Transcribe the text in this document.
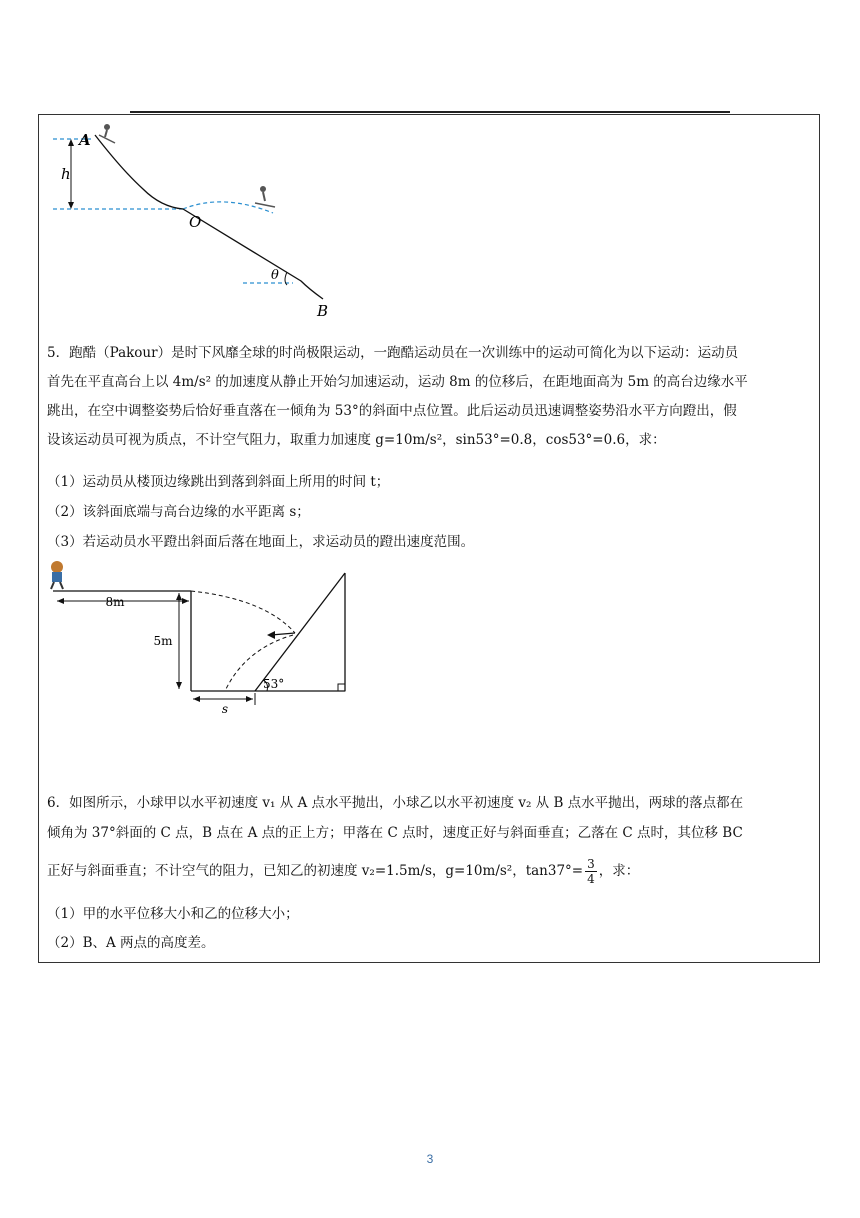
A
h
O
θ
B

5．跑酷（Pakour）是时下风靡全球的时尚极限运动，一跑酷运动员在一次训练中的运动可简化为以下运动：运动员

首先在平直高台上以 4m/s² 的加速度从静止开始匀加速运动，运动 8m 的位移后，在距地面高为 5m 的高台边缘水平

跳出，在空中调整姿势后恰好垂直落在一倾角为 53°的斜面中点位置。此后运动员迅速调整姿势沿水平方向蹬出，假

设该运动员可视为质点，不计空气阻力，取重力加速度 g=10m/s²，sin53°=0.8，cos53°=0.6，求：

（1）运动员从楼顶边缘跳出到落到斜面上所用的时间 t；

（2）该斜面底端与高台边缘的水平距离 s；

（3）若运动员水平蹬出斜面后落在地面上，求运动员的蹬出速度范围。

8m
5m
s
53°

6．如图所示，小球甲以水平初速度 v₁ 从 A 点水平抛出，小球乙以水平初速度 v₂ 从 B 点水平抛出，两球的落点都在

倾角为 37°斜面的 C 点，B 点在 A 点的正上方；甲落在 C 点时，速度正好与斜面垂直；乙落在 C 点时，其位移 BC

正好与斜面垂直；不计空气的阻力，已知乙的初速度 v₂=1.5m/s，g=10m/s²，$\tan 37^\circ= \frac{3}{4}$ ，求：

（1）甲的水平位移大小和乙的位移大小；

（2）B、A 两点的高度差。

3
